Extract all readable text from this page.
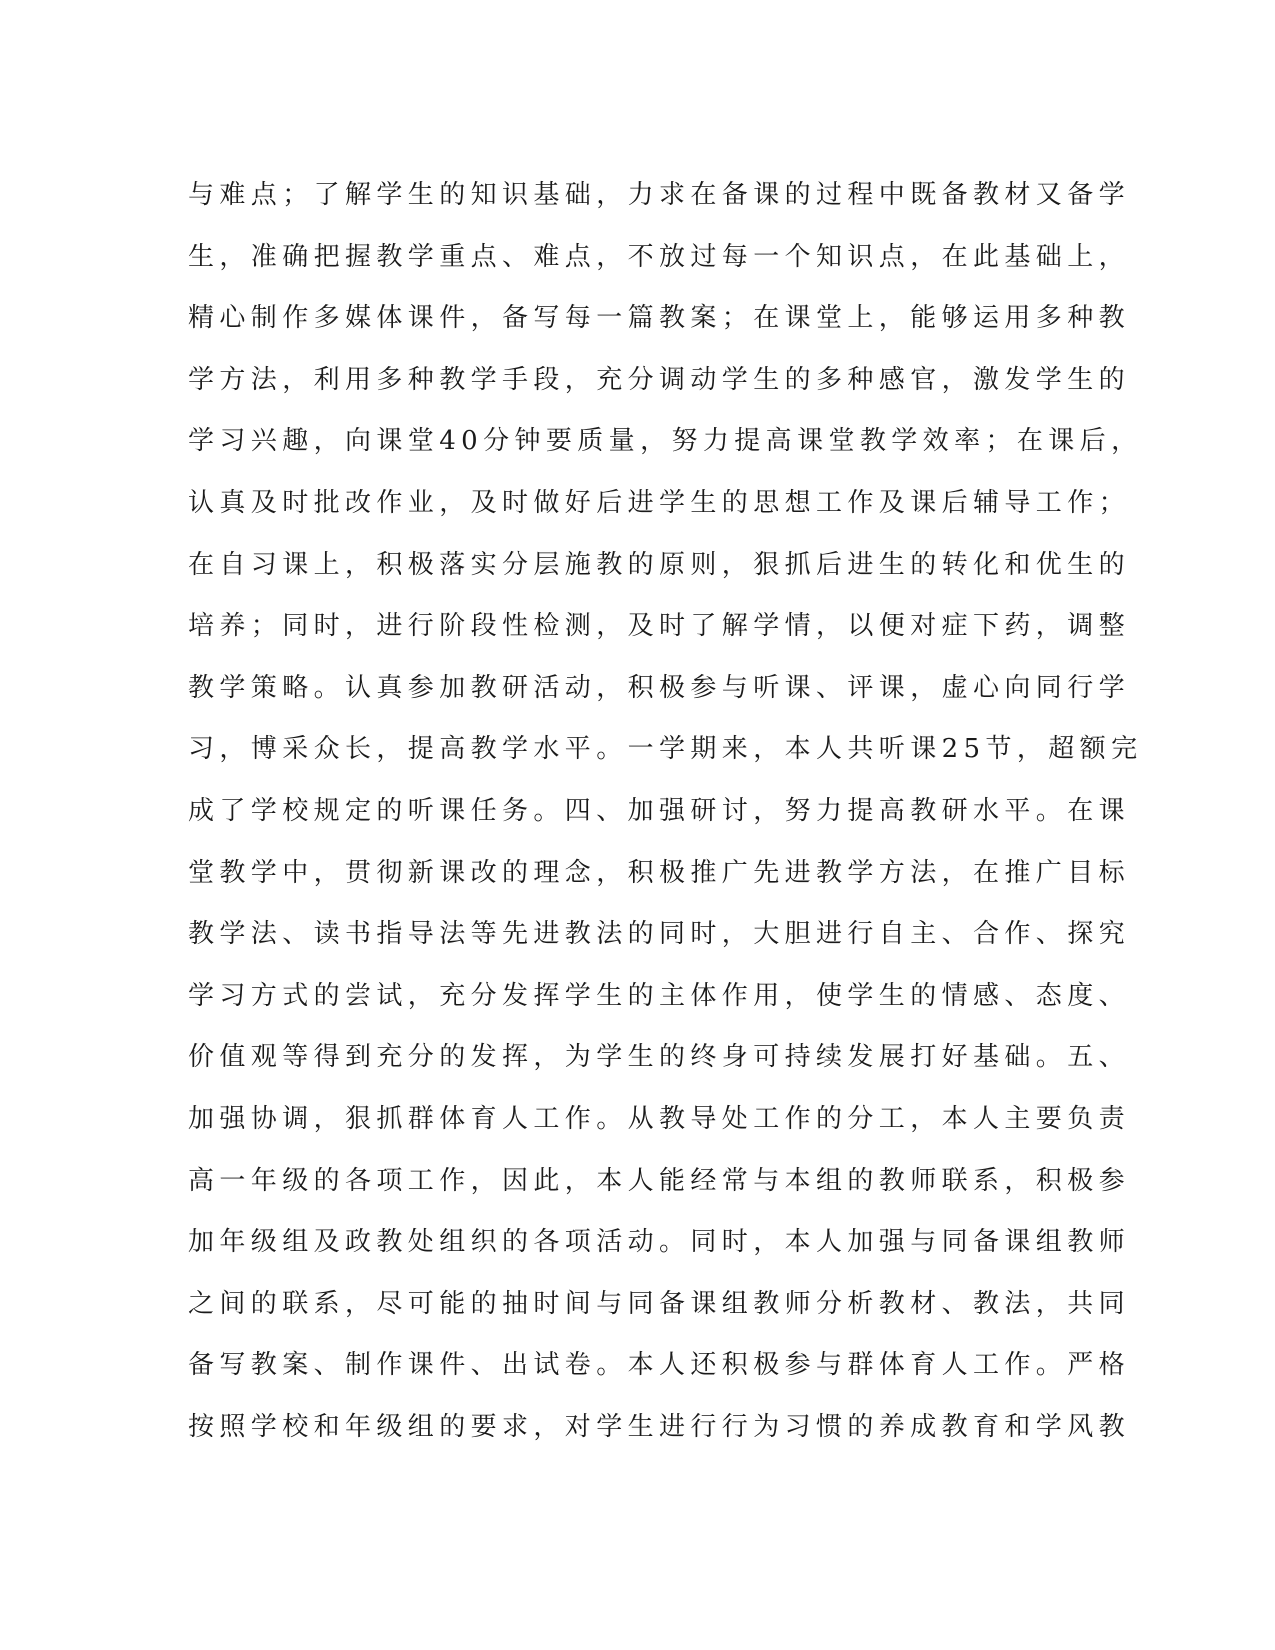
与难点；了解学生的知识基础，力求在备课的过程中既备教材又备学
生，准确把握教学重点、难点，不放过每一个知识点，在此基础上，
精心制作多媒体课件，备写每一篇教案；在课堂上，能够运用多种教
学方法，利用多种教学手段，充分调动学生的多种感官，激发学生的
学习兴趣，向课堂40分钟要质量，努力提高课堂教学效率；在课后，
认真及时批改作业，及时做好后进学生的思想工作及课后辅导工作；
在自习课上，积极落实分层施教的原则，狠抓后进生的转化和优生的
培养；同时，进行阶段性检测，及时了解学情，以便对症下药，调整
教学策略。认真参加教研活动，积极参与听课、评课，虚心向同行学
习，博采众长，提高教学水平。一学期来，本人共听课25节，超额完
成了学校规定的听课任务。四、加强研讨，努力提高教研水平。在课
堂教学中，贯彻新课改的理念，积极推广先进教学方法，在推广目标
教学法、读书指导法等先进教法的同时，大胆进行自主、合作、探究
学习方式的尝试，充分发挥学生的主体作用，使学生的情感、态度、
价值观等得到充分的发挥，为学生的终身可持续发展打好基础。五、
加强协调，狠抓群体育人工作。从教导处工作的分工，本人主要负责
高一年级的各项工作，因此，本人能经常与本组的教师联系，积极参
加年级组及政教处组织的各项活动。同时，本人加强与同备课组教师
之间的联系，尽可能的抽时间与同备课组教师分析教材、教法，共同
备写教案、制作课件、出试卷。本人还积极参与群体育人工作。严格
按照学校和年级组的要求，对学生进行行为习惯的养成教育和学风教
